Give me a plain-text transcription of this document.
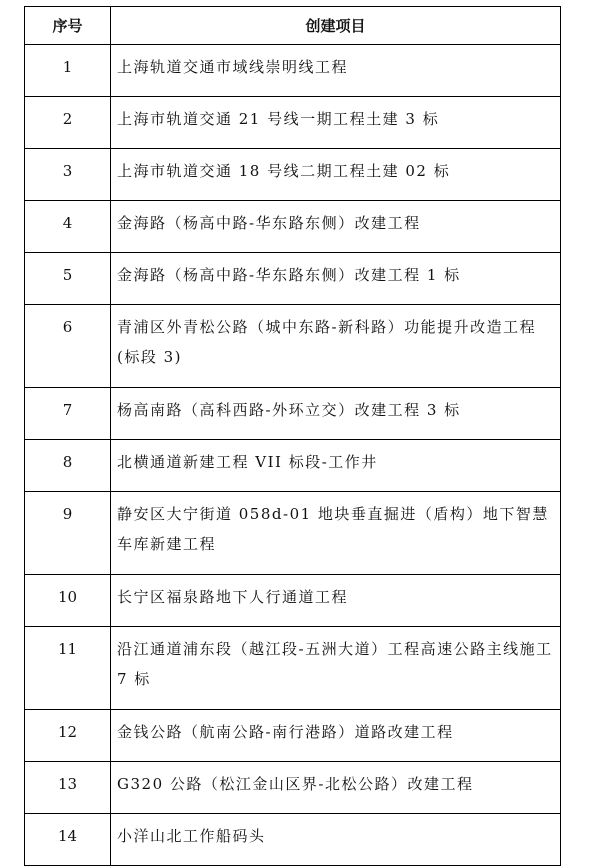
序号	创建项目
1	上海轨道交通市域线崇明线工程
2	上海市轨道交通 21 号线一期工程土建 3 标
3	上海市轨道交通 18 号线二期工程土建 02 标
4	金海路（杨高中路-华东路东侧）改建工程
5	金海路（杨高中路-华东路东侧）改建工程 1 标
6	青浦区外青松公路（城中东路-新科路）功能提升改造工程(标段 3)
7	杨高南路（高科西路-外环立交）改建工程 3 标
8	北横通道新建工程 VII 标段-工作井
9	静安区大宁街道 058d-01 地块垂直掘进（盾构）地下智慧车库新建工程
10	长宁区福泉路地下人行通道工程
11	沿江通道浦东段（越江段-五洲大道）工程高速公路主线施工 7 标
12	金钱公路（航南公路-南行港路）道路改建工程
13	G320 公路（松江金山区界-北松公路）改建工程
14	小洋山北工作船码头
